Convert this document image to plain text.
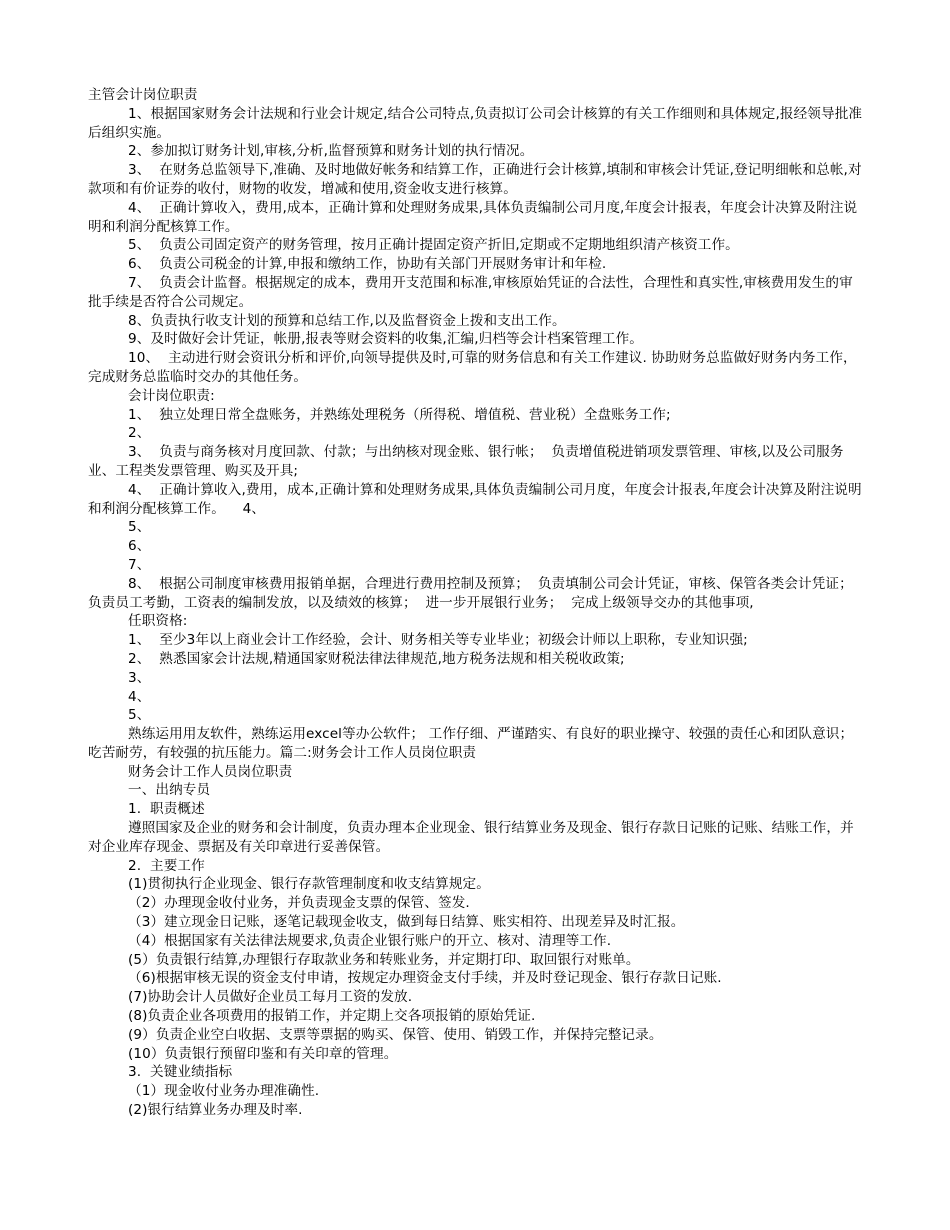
主管会计岗位职责

1、根据国家财务会计法规和行业会计规定,结合公司特点,负责拟订公司会计核算的有关工作细则和具体规定,报经领导批准后组织实施。

2、参加拟订财务计划,审核,分析,监督预算和财务计划的执行情况。

3、  在财务总监领导下,准确、及时地做好帐务和结算工作，正确进行会计核算,填制和审核会计凭证,登记明细帐和总帐,对款项和有价证券的收付，财物的收发，增减和使用,资金收支进行核算。

4、  正确计算收入，费用,成本，正确计算和处理财务成果,具体负责编制公司月度,年度会计报表，年度会计决算及附注说明和利润分配核算工作。

5、  负责公司固定资产的财务管理，按月正确计提固定资产折旧,定期或不定期地组织清产核资工作。

6、  负责公司税金的计算,申报和缴纳工作，协助有关部门开展财务审计和年检.

7、  负责会计监督。根据规定的成本，费用开支范围和标准,审核原始凭证的合法性，合理性和真实性,审核费用发生的审批手续是否符合公司规定。

8、负责执行收支计划的预算和总结工作,以及监督资金上拨和支出工作。

9、及时做好会计凭证，帐册,报表等财会资料的收集,汇编,归档等会计档案管理工作。

10、  主动进行财会资讯分析和评价,向领导提供及时,可靠的财务信息和有关工作建议. 协助财务总监做好财务内务工作，完成财务总监临时交办的其他任务。

会计岗位职责:

1、  独立处理日常全盘账务，并熟练处理税务（所得税、增值税、营业税）全盘账务工作;

2、

3、  负责与商务核对月度回款、付款；与出纳核对现金账、银行帐；  负责增值税进销项发票管理、审核,以及公司服务业、工程类发票管理、购买及开具;

4、  正确计算收入,费用，成本,正确计算和处理财务成果,具体负责编制公司月度，年度会计报表,年度会计决算及附注说明和利润分配核算工作。    4、

5、

6、

7、

8、  根据公司制度审核费用报销单据，合理进行费用控制及预算；  负责填制公司会计凭证，审核、保管各类会计凭证； 负责员工考勤，工资表的编制发放，以及绩效的核算；  进一步开展银行业务；  完成上级领导交办的其他事项,

任职资格:

1、  至少3年以上商业会计工作经验，会计、财务相关等专业毕业；初级会计师以上职称，专业知识强;

2、  熟悉国家会计法规,精通国家财税法律法律规范,地方税务法规和相关税收政策;

3、

4、

5、

熟练运用用友软件，熟练运用excel等办公软件； 工作仔细、严谨踏实、有良好的职业操守、较强的责任心和团队意识；  吃苦耐劳，有较强的抗压能力。篇二:财务会计工作人员岗位职责

财务会计工作人员岗位职责

一、出纳专员

1.  职责概述

遵照国家及企业的财务和会计制度，负责办理本企业现金、银行结算业务及现金、银行存款日记账的记账、结账工作，并对企业库存现金、票据及有关印章进行妥善保管。

2.  主要工作

(1)贯彻执行企业现金、银行存款管理制度和收支结算规定。

（2）办理现金收付业务，并负责现金支票的保管、签发.

（3）建立现金日记账，逐笔记载现金收支，做到每日结算、账实相符、出现差异及时汇报。

（4）根据国家有关法律法规要求,负责企业银行账户的开立、核对、清理等工作.

(5）负责银行结算,办理银行存取款业务和转账业务，并定期打印、取回银行对账单。

（6)根据审核无误的资金支付申请，按规定办理资金支付手续，并及时登记现金、银行存款日记账.

(7)协助会计人员做好企业员工每月工资的发放.

(8)负责企业各项费用的报销工作，并定期上交各项报销的原始凭证.

(9）负责企业空白收据、支票等票据的购买、保管、使用、销毁工作，并保持完整记录。

(10）负责银行预留印鉴和有关印章的管理。

3.  关键业绩指标

（1）现金收付业务办理准确性.

(2)银行结算业务办理及时率.
